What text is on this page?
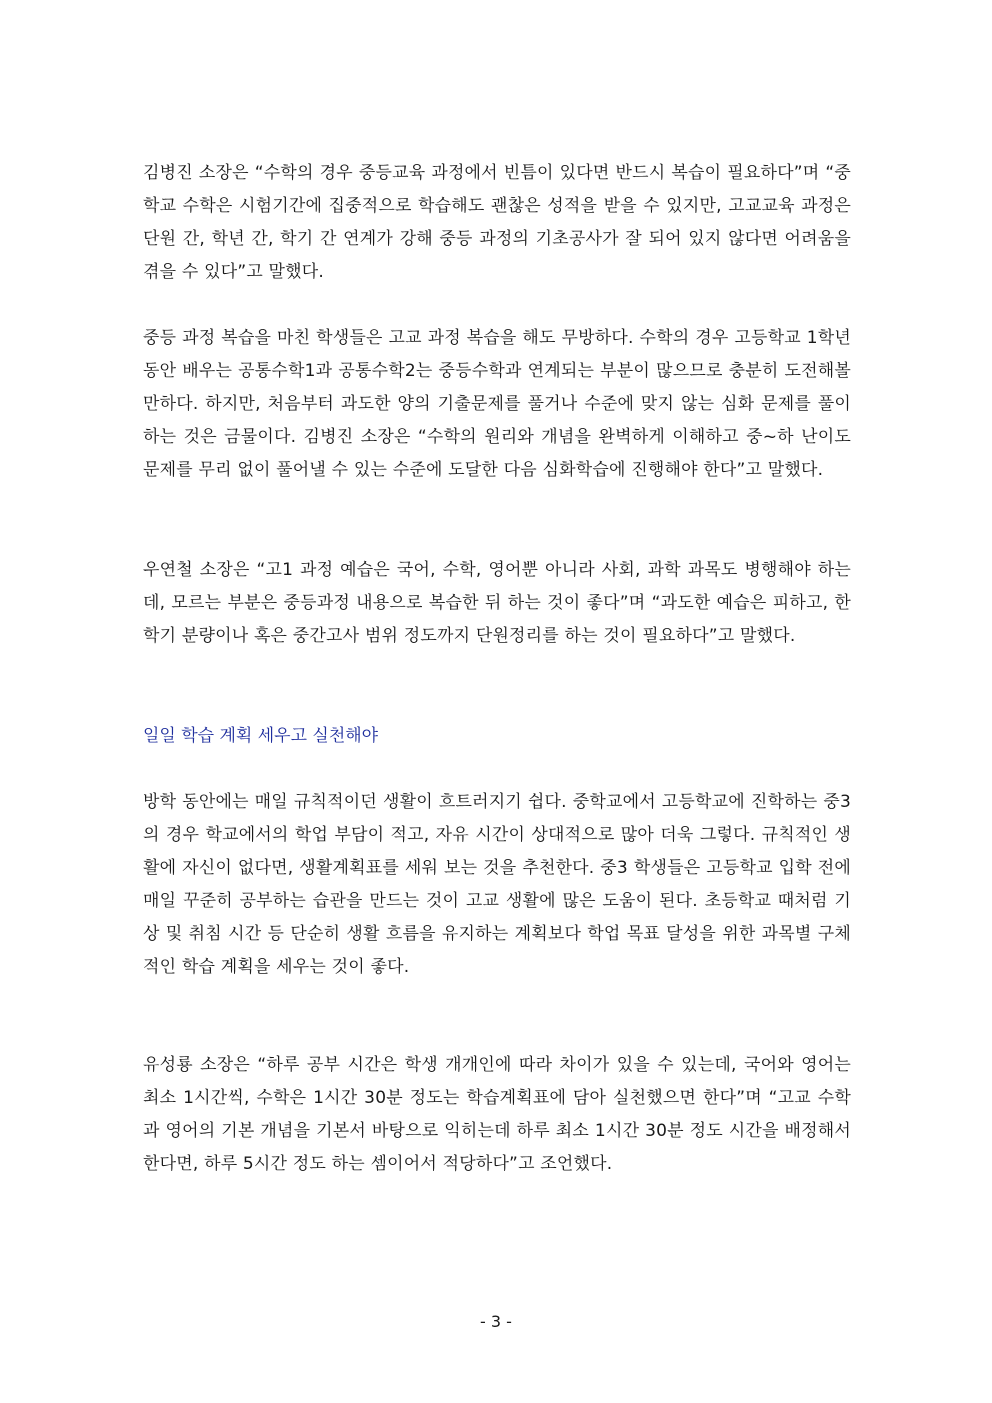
김병진 소장은 “수학의 경우 중등교육 과정에서 빈틈이 있다면 반드시 복습이 필요하다”며 “중학교 수학은 시험기간에 집중적으로 학습해도 괜찮은 성적을 받을 수 있지만, 고교교육 과정은 단원 간, 학년 간, 학기 간 연계가 강해 중등 과정의 기초공사가 잘 되어 있지 않다면 어려움을 겪을 수 있다”고 말했다.

중등 과정 복습을 마친 학생들은 고교 과정 복습을 해도 무방하다. 수학의 경우 고등학교 1학년 동안 배우는 공통수학1과 공통수학2는 중등수학과 연계되는 부분이 많으므로 충분히 도전해볼 만하다. 하지만, 처음부터 과도한 양의 기출문제를 풀거나 수준에 맞지 않는 심화 문제를 풀이하는 것은 금물이다. 김병진 소장은 “수학의 원리와 개념을 완벽하게 이해하고 중~하 난이도 문제를 무리 없이 풀어낼 수 있는 수준에 도달한 다음 심화학습에 진행해야 한다”고 말했다.

우연철 소장은 “고1 과정 예습은 국어, 수학, 영어뿐 아니라 사회, 과학 과목도 병행해야 하는데, 모르는 부분은 중등과정 내용으로 복습한 뒤 하는 것이 좋다”며 “과도한 예습은 피하고, 한 학기 분량이나 혹은 중간고사 범위 정도까지 단원정리를 하는 것이 필요하다”고 말했다.

일일 학습 계획 세우고 실천해야

방학 동안에는 매일 규칙적이던 생활이 흐트러지기 쉽다. 중학교에서 고등학교에 진학하는 중3의 경우 학교에서의 학업 부담이 적고, 자유 시간이 상대적으로 많아 더욱 그렇다. 규칙적인 생활에 자신이 없다면, 생활계획표를 세워 보는 것을 추천한다. 중3 학생들은 고등학교 입학 전에 매일 꾸준히 공부하는 습관을 만드는 것이 고교 생활에 많은 도움이 된다. 초등학교 때처럼 기상 및 취침 시간 등 단순히 생활 흐름을 유지하는 계획보다 학업 목표 달성을 위한 과목별 구체적인 학습 계획을 세우는 것이 좋다.

유성룡 소장은 “하루 공부 시간은 학생 개개인에 따라 차이가 있을 수 있는데, 국어와 영어는 최소 1시간씩, 수학은 1시간 30분 정도는 학습계획표에 담아 실천했으면 한다”며 “고교 수학과 영어의 기본 개념을 기본서 바탕으로 익히는데 하루 최소 1시간 30분 정도 시간을 배정해서 한다면, 하루 5시간 정도 하는 셈이어서 적당하다”고 조언했다.

- 3 -
